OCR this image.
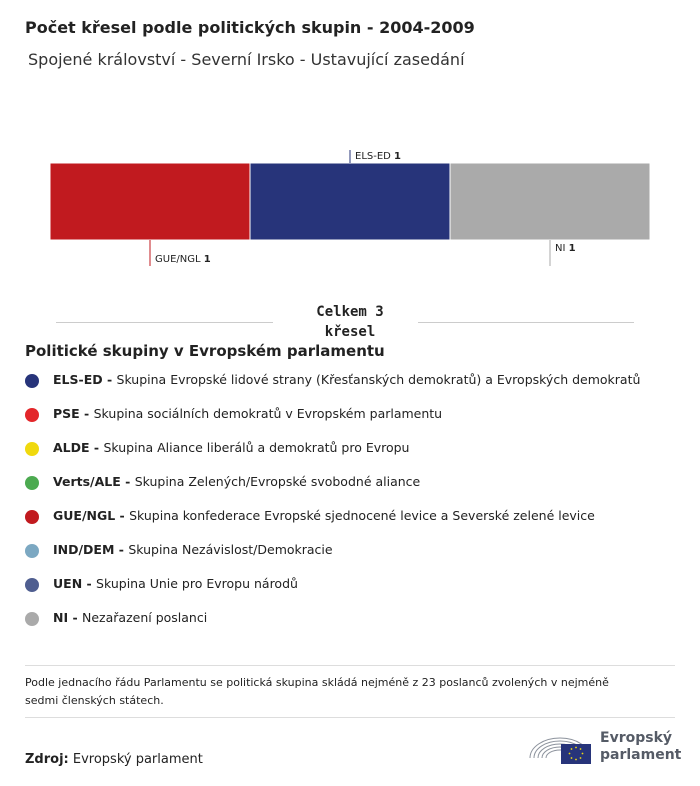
Počet křesel podle politických skupin - 2004-2009
Spojené království - Severní Irsko - Ustavující zasedání
GUE/NGL 1
ELS-ED 1
NI 1
Celkem 3
křesel
Politické skupiny v Evropském parlamentu
ELS-ED - Skupina Evropské lidové strany (Křesťanských demokratů) a Evropských demokratů
PSE - Skupina sociálních demokratů v Evropském parlamentu
ALDE - Skupina Aliance liberálů a demokratů pro Evropu
Verts/ALE - Skupina Zelených/Evropské svobodné aliance
GUE/NGL - Skupina konfederace Evropské sjednocené levice a Severské zelené levice
IND/DEM - Skupina Nezávislost/Demokracie
UEN - Skupina Unie pro Evropu národů
NI - Nezařazení poslanci
Podle jednacího řádu Parlamentu se politická skupina skládá nejméně z 23 poslanců zvolených v nejméně sedmi členských státech.
Zdroj: Evropský parlament
Evropský
parlament
